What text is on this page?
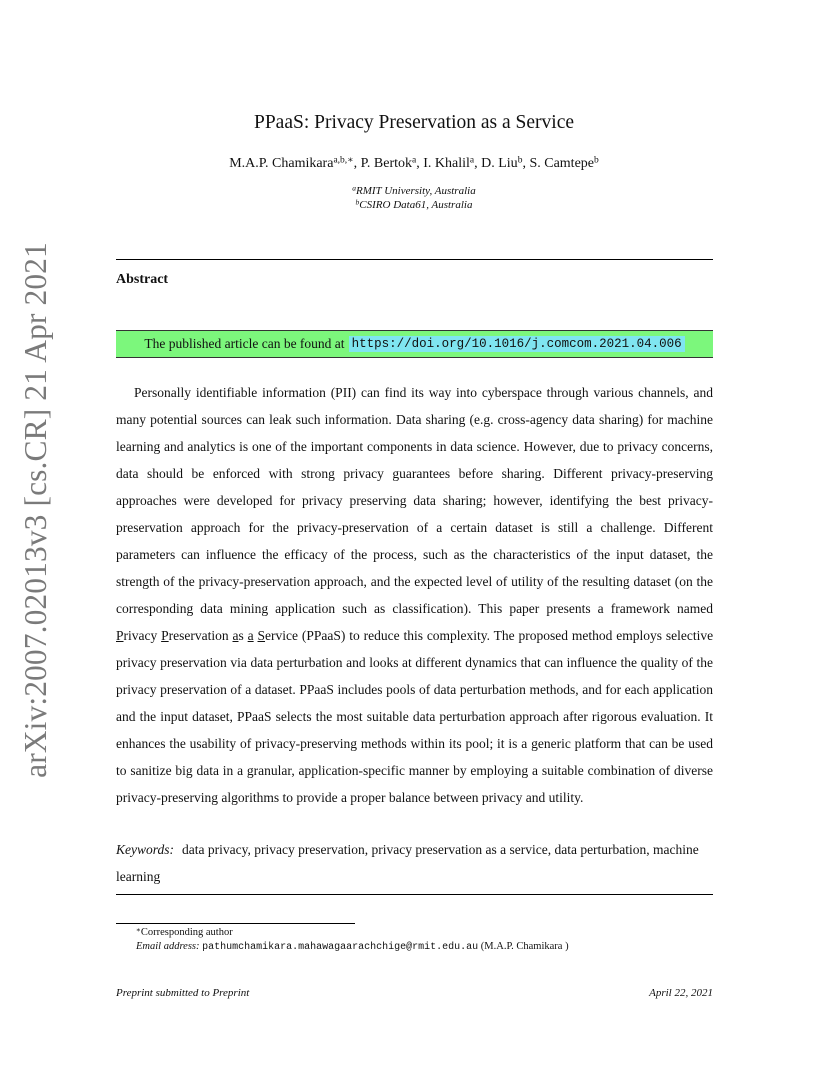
arXiv:2007.02013v3 [cs.CR] 21 Apr 2021
PPaaS: Privacy Preservation as a Service
M.A.P. Chamikara$^{a,b,∗}$, P. Bertok$^a$, I. Khalil$^a$, D. Liu$^b$, S. Camtepe$^b$
$^a$RMIT University, Australia
$^b$CSIRO Data61, Australia
Abstract
The published article can be found at https://doi.org/10.1016/j.comcom.2021.04.006

Personally identifiable information (PII) can find its way into cyberspace through various channels, and many potential sources can leak such information. Data sharing (e.g. cross-agency data sharing) for machine learning and analytics is one of the important components in data science. However, due to privacy concerns, data should be enforced with strong privacy guarantees before sharing. Different privacy-preserving approaches were developed for privacy preserving data sharing; however, identifying the best privacy-preservation approach for the privacy-preservation of a certain dataset is still a challenge. Different parameters can influence the efficacy of the process, such as the characteristics of the input dataset, the strength of the privacy-preservation approach, and the expected level of utility of the resulting dataset (on the corresponding data mining application such as classification). This paper presents a framework named Privacy Preservation as a Service (PPaaS) to reduce this complexity. The proposed method employs selective privacy preservation via data perturbation and looks at different dynamics that can influence the quality of the privacy preservation of a dataset. PPaaS includes pools of data perturbation methods, and for each application and the input dataset, PPaaS selects the most suitable data perturbation approach after rigorous evaluation. It enhances the usability of privacy-preserving methods within its pool; it is a generic platform that can be used to sanitize big data in a granular, application-specific manner by employing a suitable combination of diverse privacy-preserving algorithms to provide a proper balance between privacy and utility.

Keywords: data privacy, privacy preservation, privacy preservation as a service, data perturbation, machine learning
∗Corresponding author
Email address: pathumchamikara.mahawagaarachchige@rmit.edu.au (M.A.P. Chamikara )
Preprint submitted to Preprint	April 22, 2021
